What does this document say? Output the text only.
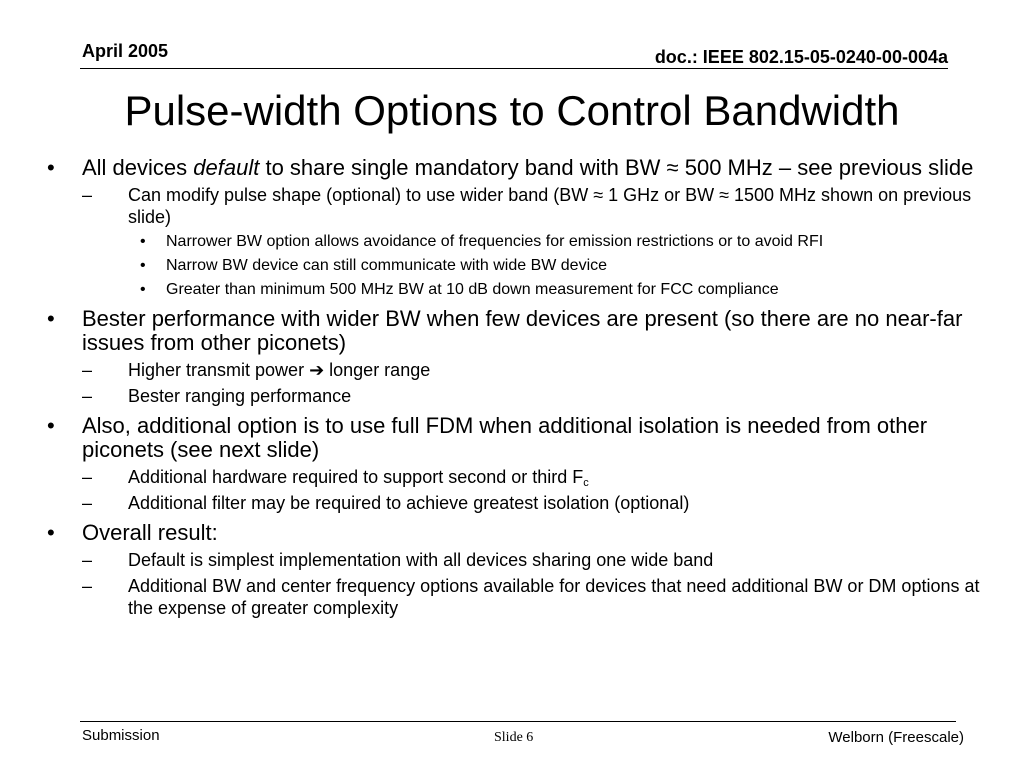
April 2005	doc.: IEEE 802.15-05-0240-00-004a
Pulse-width Options to Control Bandwidth
• All devices default to share single mandatory band with BW ≈ 500 MHz – see previous slide
– Can modify pulse shape (optional) to use wider band (BW ≈ 1 GHz or BW ≈ 1500 MHz shown on previous slide)
• Narrower BW option allows avoidance of frequencies for emission restrictions or to avoid RFI
• Narrow BW device can still communicate with wide BW device
• Greater than minimum 500 MHz BW at 10 dB down measurement for FCC compliance
• Bester performance with wider BW when few devices are present (so there are no near-far issues from other piconets)
– Higher transmit power ➔ longer range
– Bester ranging performance
• Also, additional option is to use full FDM when additional isolation is needed from other piconets (see next slide)
– Additional hardware required to support second or third $F_c$
– Additional filter may be required to achieve greatest isolation (optional)
• Overall result:
– Default is simplest implementation with all devices sharing one wide band
– Additional BW and center frequency options available for devices that need additional BW or DM options at the expense of greater complexity
Submission	Slide 6	Welborn (Freescale)
